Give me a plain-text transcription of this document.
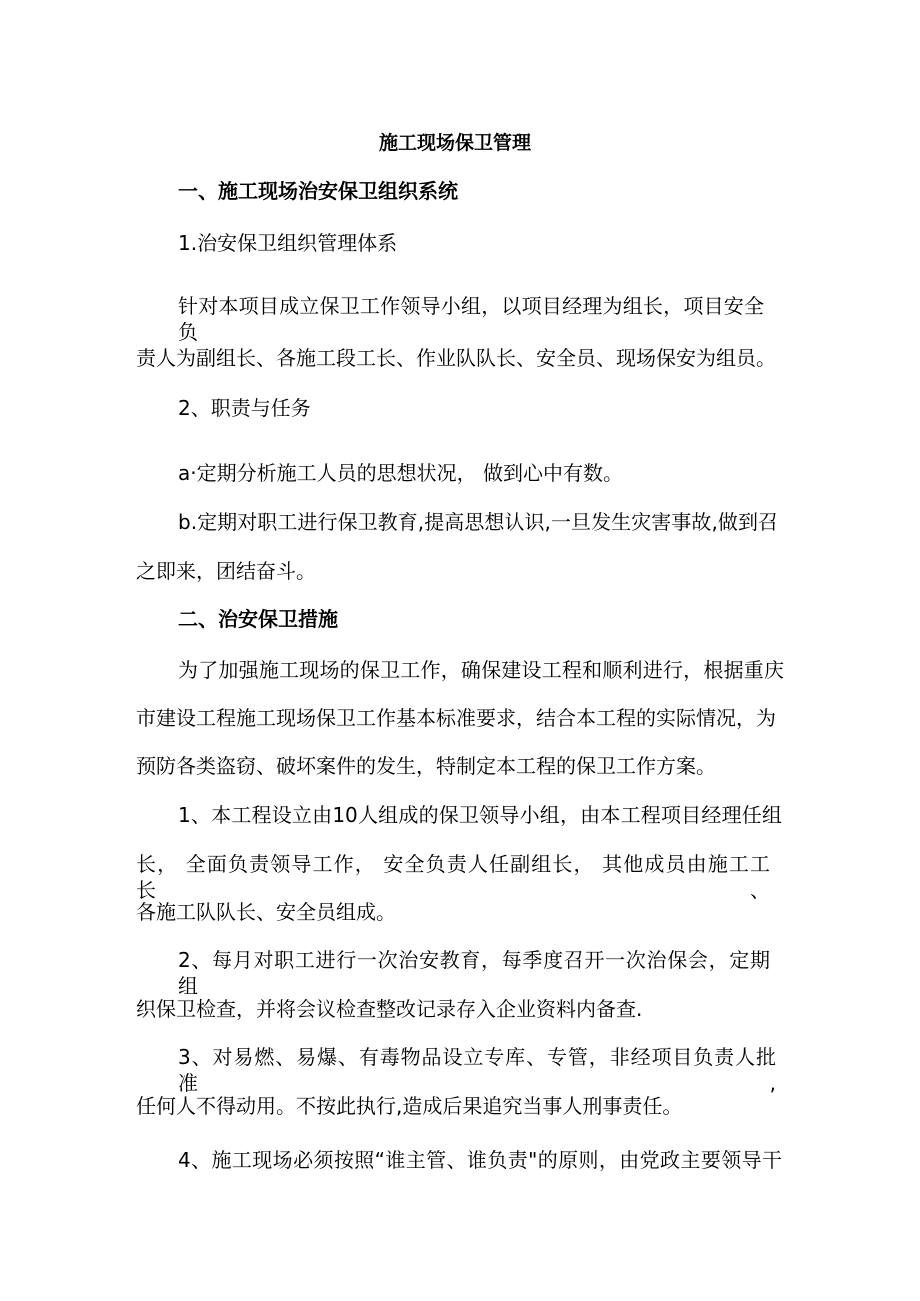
施工现场保卫管理

一、施工现场治安保卫组织系统

1.治安保卫组织管理体系

针对本项目成立保卫工作领导小组，以项目经理为组长，项目安全负

责人为副组长、各施工段工长、作业队队长、安全员、现场保安为组员。

2、职责与任务

a·定期分析施工人员的思想状况， 做到心中有数。

b.定期对职工进行保卫教育,提高思想认识,一旦发生灾害事故,做到召

之即来，团结奋斗。

二、治安保卫措施

为了加强施工现场的保卫工作，确保建设工程和顺利进行，根据重庆

市建设工程施工现场保卫工作基本标准要求，结合本工程的实际情况，为

预防各类盗窃、破坏案件的发生，特制定本工程的保卫工作方案。

1、本工程设立由10人组成的保卫领导小组，由本工程项目经理任组

长， 全面负责领导工作， 安全负责人任副组长， 其他成员由施工工长、

各施工队队长、安全员组成。

2、每月对职工进行一次治安教育，每季度召开一次治保会，定期组

织保卫检查，并将会议检查整改记录存入企业资料内备查.

3、对易燃、易爆、有毒物品设立专库、专管，非经项目负责人批准,

任何人不得动用。不按此执行,造成后果追究当事人刑事责任。

4、施工现场必须按照“谁主管、谁负责"的原则，由党政主要领导干
